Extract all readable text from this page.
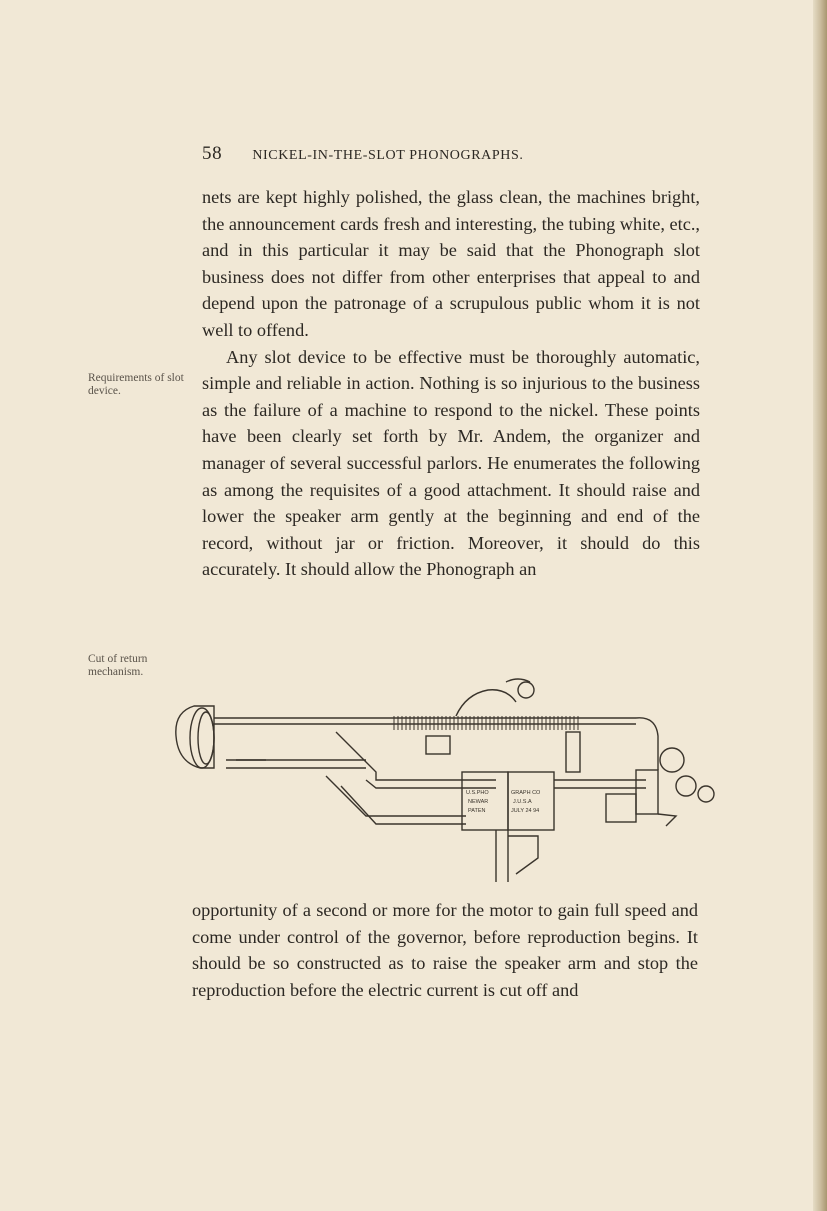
58 NICKEL-IN-THE-SLOT PHONOGRAPHS.

nets are kept highly polished, the glass clean, the machines bright, the announcement cards fresh and interesting, the tubing white, etc., and in this particular it may be said that the Phonograph slot business does not differ from other enterprises that appeal to and depend upon the patronage of a scrupulous public whom it is not well to offend.

Any slot device to be effective must be thoroughly automatic, simple and reliable in action. Nothing is so injurious to the business as the failure of a machine to respond to the nickel. These points have been clearly set forth by Mr. Andem, the organizer and manager of several successful parlors. He enumerates the following as among the requisites of a good attachment. It should raise and lower the speaker arm gently at the beginning and end of the record, without jar or friction. Moreover, it should do this accurately. It should allow the Phonograph an

Requirements of slot device.
Cut of return mechanism.
U.S.PHO
NEWAR
PATEN
GRAPH CO
J.U.S.A
JULY 24 94

opportunity of a second or more for the motor to gain full speed and come under control of the governor, before reproduction begins. It should be so constructed as to raise the speaker arm and stop the reproduction before the electric current is cut off and
